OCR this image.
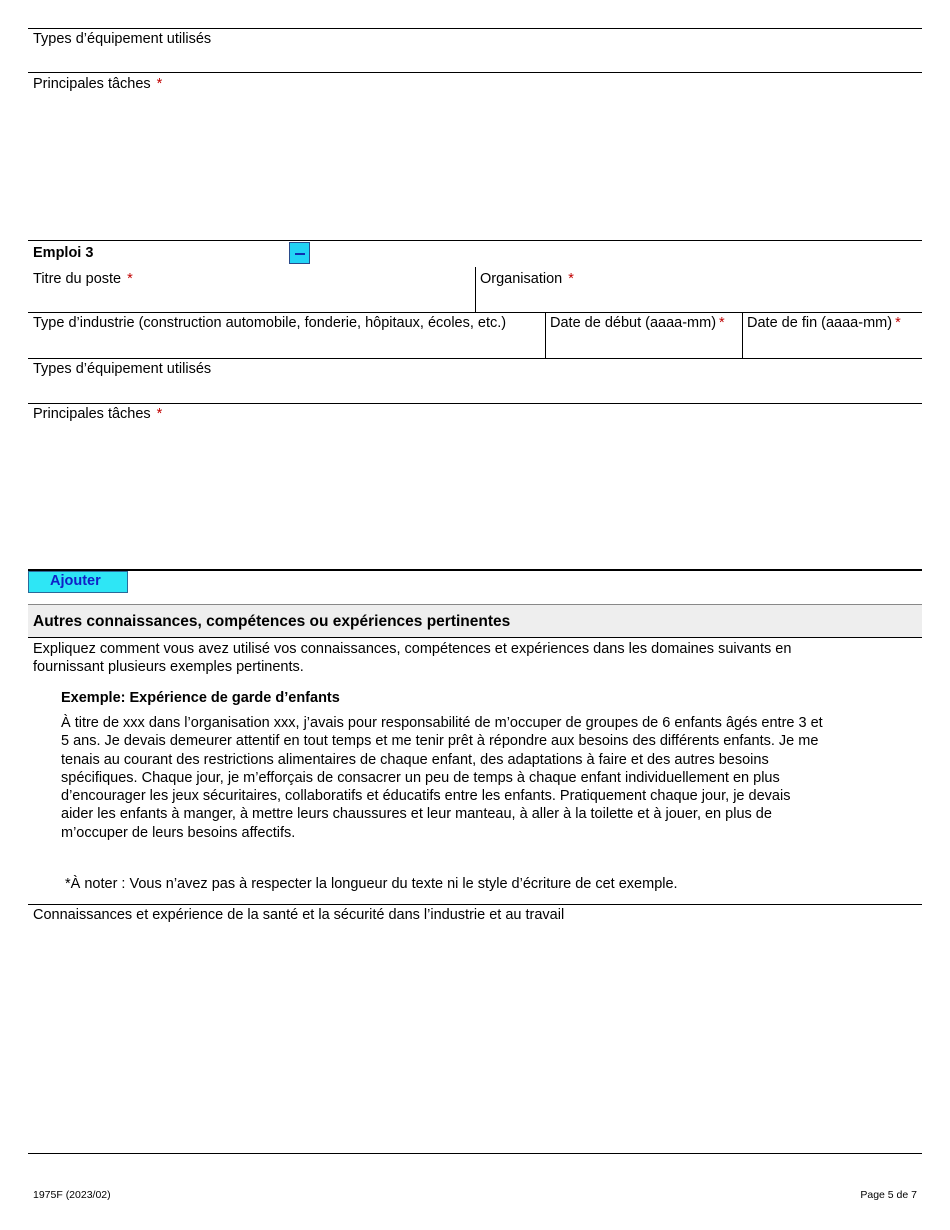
Types d’équipement utilisés
Principales tâches *
Emploi 3
Titre du poste *	Organisation *
Type d’industrie (construction automobile, fonderie, hôpitaux, écoles, etc.)	Date de début (aaaa-mm) * Date de fin (aaaa-mm) *
Types d’équipement utilisés
Principales tâches *
Ajouter
Autres connaissances, compétences ou expériences pertinentes
Expliquez comment vous avez utilisé vos connaissances, compétences et expériences dans les domaines suivants en
fournissant plusieurs exemples pertinents.
Exemple: Expérience de garde d’enfants
À titre de xxx dans l’organisation xxx, j’avais pour responsabilité de m’occuper de groupes de 6 enfants âgés entre 3 et
5 ans. Je devais demeurer attentif en tout temps et me tenir prêt à répondre aux besoins des différents enfants. Je me
tenais au courant des restrictions alimentaires de chaque enfant, des adaptations à faire et des autres besoins
spécifiques. Chaque jour, je m’efforçais de consacrer un peu de temps à chaque enfant individuellement en plus
d’encourager les jeux sécuritaires, collaboratifs et éducatifs entre les enfants. Pratiquement chaque jour, je devais
aider les enfants à manger, à mettre leurs chaussures et leur manteau, à aller à la toilette et à jouer, en plus de
m’occuper de leurs besoins affectifs.
*À noter : Vous n’avez pas à respecter la longueur du texte ni le style d’écriture de cet exemple.
Connaissances et expérience de la santé et la sécurité dans l’industrie et au travail
1975F (2023/02)	Page 5 de 7
